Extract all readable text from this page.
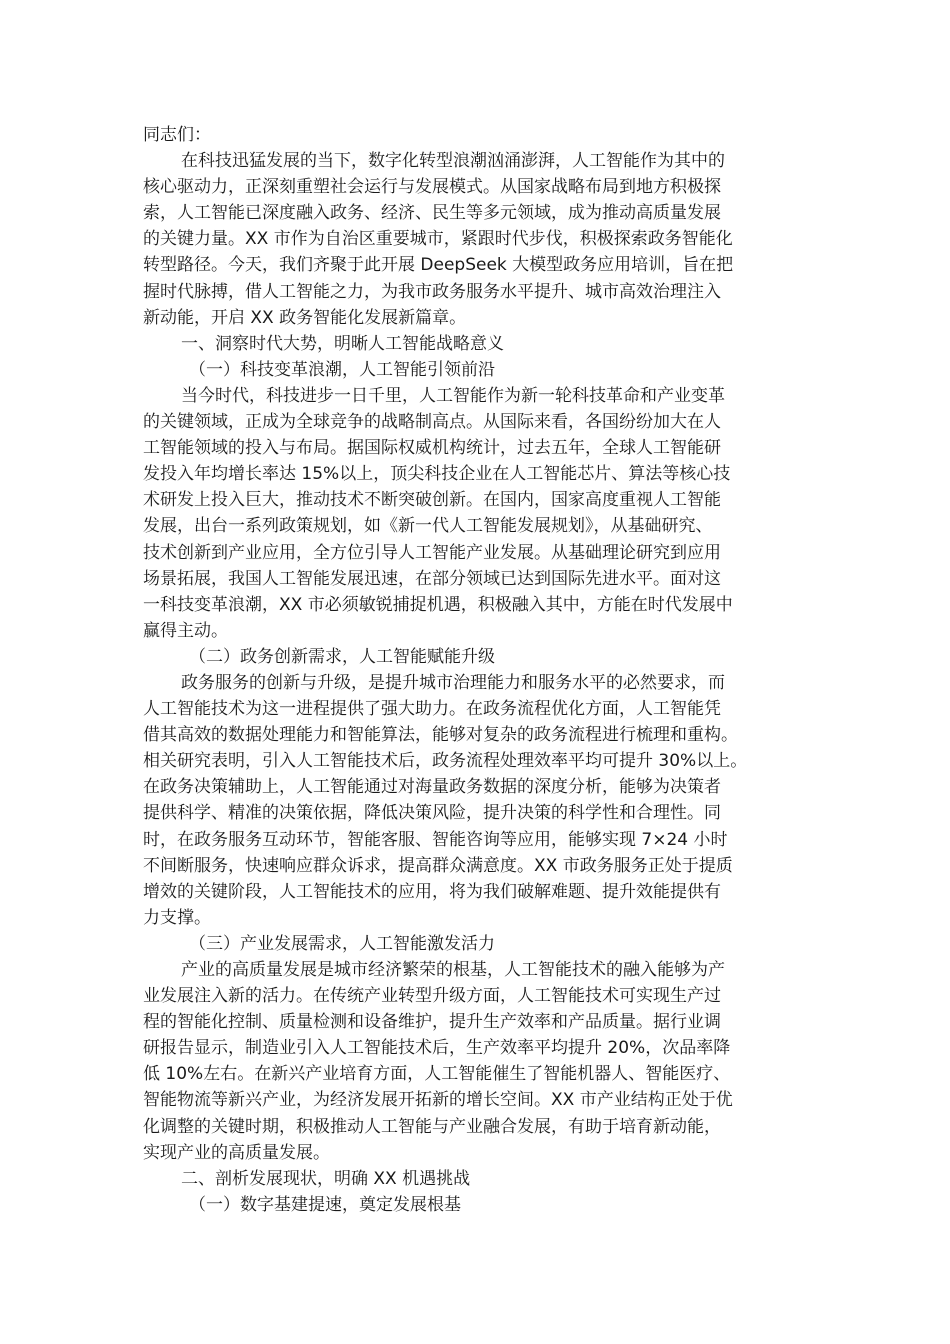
同志们：
在科技迅猛发展的当下，数字化转型浪潮汹涌澎湃，人工智能作为其中的
核心驱动力，正深刻重塑社会运行与发展模式。从国家战略布局到地方积极探
索，人工智能已深度融入政务、经济、民生等多元领域，成为推动高质量发展
的关键力量。XX 市作为自治区重要城市，紧跟时代步伐，积极探索政务智能化
转型路径。今天，我们齐聚于此开展 DeepSeek 大模型政务应用培训，旨在把
握时代脉搏，借人工智能之力，为我市政务服务水平提升、城市高效治理注入
新动能，开启 XX 政务智能化发展新篇章。
一、洞察时代大势，明晰人工智能战略意义
（一）科技变革浪潮，人工智能引领前沿
当今时代，科技进步一日千里，人工智能作为新一轮科技革命和产业变革
的关键领域，正成为全球竞争的战略制高点。从国际来看，各国纷纷加大在人
工智能领域的投入与布局。据国际权威机构统计，过去五年，全球人工智能研
发投入年均增长率达 15%以上，顶尖科技企业在人工智能芯片、算法等核心技
术研发上投入巨大，推动技术不断突破创新。在国内，国家高度重视人工智能
发展，出台一系列政策规划，如《新一代人工智能发展规划》，从基础研究、
技术创新到产业应用，全方位引导人工智能产业发展。从基础理论研究到应用
场景拓展，我国人工智能发展迅速，在部分领域已达到国际先进水平。面对这
一科技变革浪潮，XX 市必须敏锐捕捉机遇，积极融入其中，方能在时代发展中
赢得主动。
（二）政务创新需求，人工智能赋能升级
政务服务的创新与升级，是提升城市治理能力和服务水平的必然要求，而
人工智能技术为这一进程提供了强大助力。在政务流程优化方面，人工智能凭
借其高效的数据处理能力和智能算法，能够对复杂的政务流程进行梳理和重构。
相关研究表明，引入人工智能技术后，政务流程处理效率平均可提升 30%以上。
在政务决策辅助上，人工智能通过对海量政务数据的深度分析，能够为决策者
提供科学、精准的决策依据，降低决策风险，提升决策的科学性和合理性。同
时，在政务服务互动环节，智能客服、智能咨询等应用，能够实现 7×24 小时
不间断服务，快速响应群众诉求，提高群众满意度。XX 市政务服务正处于提质
增效的关键阶段，人工智能技术的应用，将为我们破解难题、提升效能提供有
力支撑。
（三）产业发展需求，人工智能激发活力
产业的高质量发展是城市经济繁荣的根基，人工智能技术的融入能够为产
业发展注入新的活力。在传统产业转型升级方面，人工智能技术可实现生产过
程的智能化控制、质量检测和设备维护，提升生产效率和产品质量。据行业调
研报告显示，制造业引入人工智能技术后，生产效率平均提升 20%，次品率降
低 10%左右。在新兴产业培育方面，人工智能催生了智能机器人、智能医疗、
智能物流等新兴产业，为经济发展开拓新的增长空间。XX 市产业结构正处于优
化调整的关键时期，积极推动人工智能与产业融合发展，有助于培育新动能，
实现产业的高质量发展。
二、剖析发展现状，明确 XX 机遇挑战
（一）数字基建提速，奠定发展根基
